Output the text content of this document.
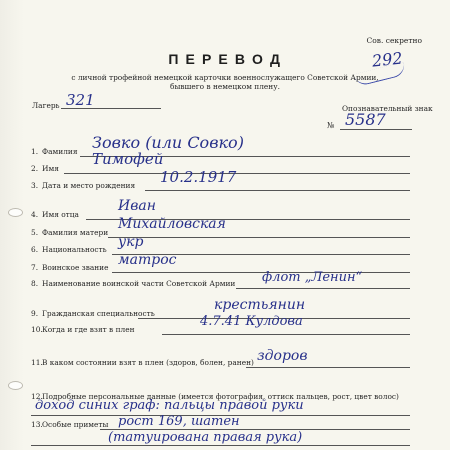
Сов. секретно
292
П Е Р Е В О Д
с личной трофейной немецкой карточки военнослужащего Советской Армии,
бывшего в немецком плену.
Лагерь 321	Опознавательный знак
№ 5587
1. Фамилия Зовко (или Совко)
2. Имя
Тимофей
3. Дата и место рождения 10.2.1917
4. Имя отца
Иван
5. Фамилия матери
Михайловская
6. Национальность укр
7. Воинское звание матрос
8. Наименование воинской части Советской Армии флот „Ленин“
9. Гражданская специальность
крестьянин
10. Когда и где взят в плен
4.7.41 Кулдова
11. В каком состоянии взят в плен (здоров, болен, ранен) здоров
12. Подробные персональные данные (имеется фотография, оттиск пальцев, рост, цвет волос)
доход синих граф: пальцы правой руки
13. Особые приметы рост 169, шатен
(татуирована правая рука)
